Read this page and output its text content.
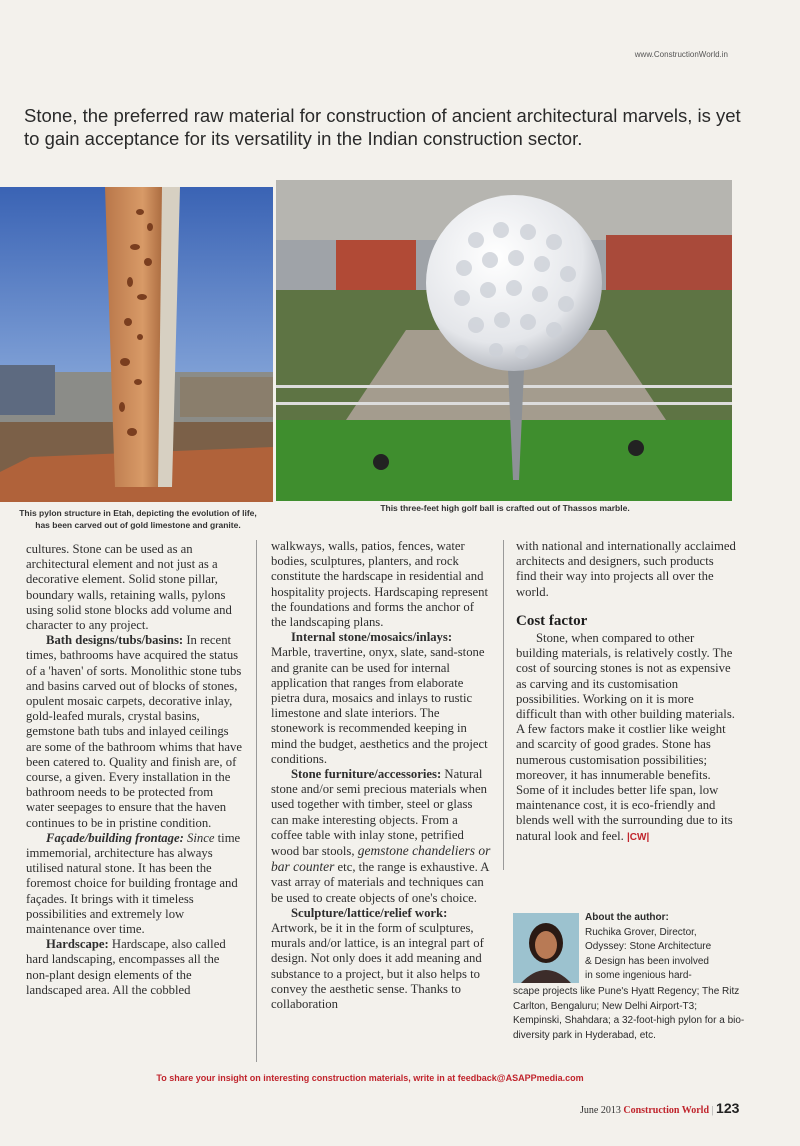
www.ConstructionWorld.in
Stone, the preferred raw material for construction of ancient architectural marvels, is yet to gain acceptance for its versatility in the Indian construction sector.
This pylon structure in Etah, depicting the evolution of life,
has been carved out of gold limestone and granite.
This three-feet high golf ball is crafted out of Thassos marble.

cultures. Stone can be used as an architectural element and not just as a decorative element. Solid stone pillar, boundary walls, retaining walls, pylons using solid stone blocks add volume and character to any project.

Bath designs/tubs/basins: In recent times, bathrooms have acquired the status of a 'haven' of sorts. Monolithic stone tubs and basins carved out of blocks of stones, opulent mosaic carpets, decorative inlay, gold-leafed murals, crystal basins, gemstone bath tubs and inlayed ceilings are some of the bathroom whims that have been catered to. Quality and finish are, of course, a given. Every installation in the bathroom needs to be protected from water seepages to ensure that the haven continues to be in pristine condition.

Façade/building frontage: Since time immemorial, architecture has always utilised natural stone. It has been the foremost choice for building frontage and façades. It brings with it timeless possibilities and extremely low maintenance over time.

Hardscape: Hardscape, also called hard landscaping, encompasses all the non-plant design elements of the landscaped area. All the cobbled

walkways, walls, patios, fences, water bodies, sculptures, planters, and rock constitute the hardscape in residential and hospitality projects. Hardscaping represent the foundations and forms the anchor of the landscaping plans.

Internal stone/mosaics/inlays: Marble, travertine, onyx, slate, sand-stone and granite can be used for internal application that ranges from elaborate pietra dura, mosaics and inlays to rustic limestone and slate interiors. The stonework is recommended keeping in mind the budget, aesthetics and the project conditions.

Stone furniture/accessories: Natural stone and/or semi precious materials when used together with timber, steel or glass can make interesting objects. From a coffee table with inlay stone, petrified wood bar stools, gemstone chandeliers or bar counter etc, the range is exhaustive. A vast array of materials and techniques can be used to create objects of one's choice.

Sculpture/lattice/relief work: Artwork, be it in the form of sculptures, murals and/or lattice, is an integral part of design. Not only does it add meaning and substance to a project, but it also helps to convey the aesthetic sense. Thanks to collaboration

with national and internationally acclaimed architects and designers, such products find their way into projects all over the world.

Cost factor

Stone, when compared to other building materials, is relatively costly. The cost of sourcing stones is not as expensive as carving and its customisation possibilities. Working on it is more difficult than with other building materials. A few factors make it costlier like weight and scarcity of good grades. Stone has numerous customisation possibilities; moreover, it has innumerable benefits. Some of it includes better life span, low maintenance cost, it is eco-friendly and blends well with the surrounding due to its natural look and feel. |CW|

About the author:
Ruchika Grover, Director,
Odyssey: Stone Architecture
& Design has been involved
in some ingenious hard-
scape projects like Pune's Hyatt Regency; The Ritz Carlton, Bengaluru; New Delhi Airport-T3; Kempinski, Shahdara; a 32-foot-high pylon for a bio-diversity park in Hyderabad, etc.
To share your insight on interesting construction materials, write in at feedback@ASAPPmedia.com
June 2013 Construction World | 123
